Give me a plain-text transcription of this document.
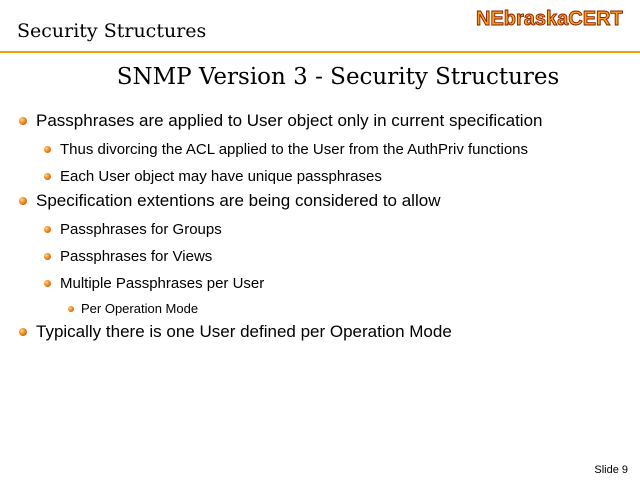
Security Structures
NEbraskaCERT
SNMP Version 3 - Security Structures
Passphrases are applied to User object only in current specification
Thus divorcing the ACL applied to the User from the AuthPriv functions
Each User object may have unique passphrases
Specification extentions are being considered to allow
Passphrases for Groups
Passphrases for Views
Multiple Passphrases per User
Per Operation Mode
Typically there is one User defined per Operation Mode
Slide 9
